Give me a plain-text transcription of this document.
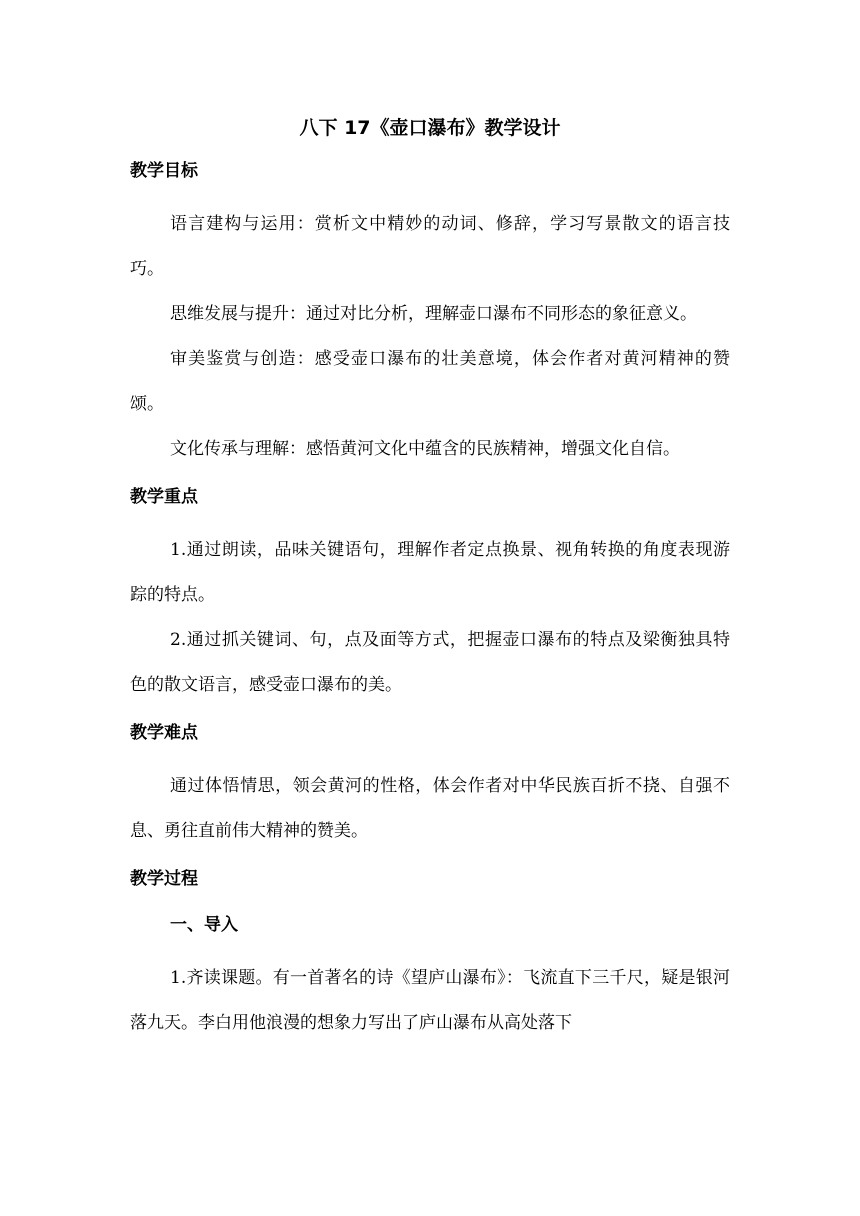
八下 17《壶口瀑布》教学设计
教学目标

语言建构与运用：赏析文中精妙的动词、修辞，学习写景散文的语言技巧。

思维发展与提升：通过对比分析，理解壶口瀑布不同形态的象征意义。

审美鉴赏与创造：感受壶口瀑布的壮美意境，体会作者对黄河精神的赞颂。

文化传承与理解：感悟黄河文化中蕴含的民族精神，增强文化自信。

教学重点

1.通过朗读，品味关键语句，理解作者定点换景、视角转换的角度表现游踪的特点。

2.通过抓关键词、句，点及面等方式，把握壶口瀑布的特点及梁衡独具特色的散文语言，感受壶口瀑布的美。

教学难点

通过体悟情思，领会黄河的性格，体会作者对中华民族百折不挠、自强不息、勇往直前伟大精神的赞美。

教学过程
一、导入

1.齐读课题。有一首著名的诗《望庐山瀑布》：飞流直下三千尺，疑是银河落九天。李白用他浪漫的想象力写出了庐山瀑布从高处落下
